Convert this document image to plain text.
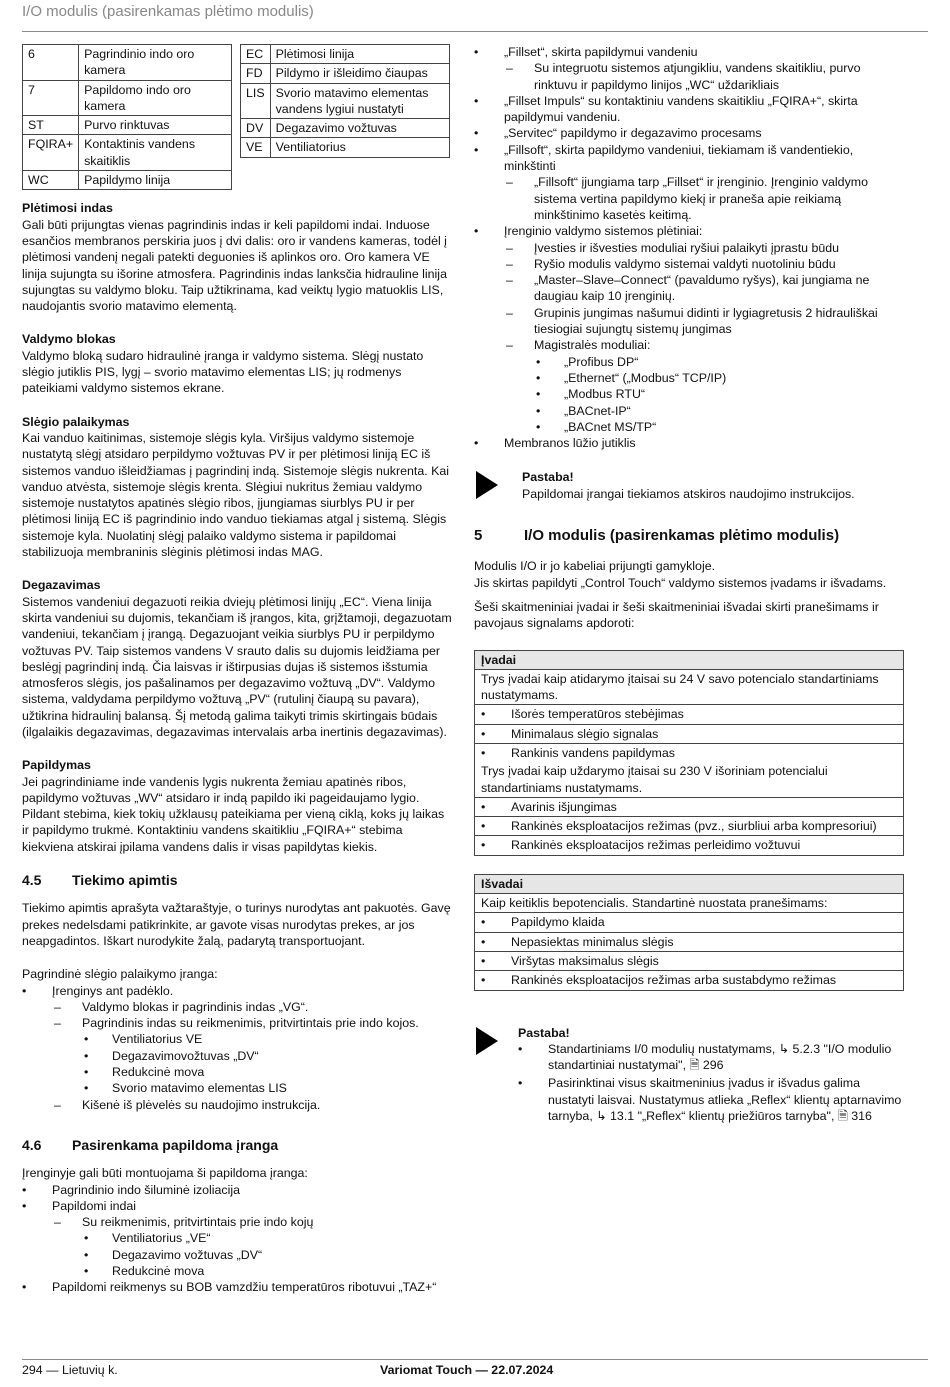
I/O modulis (pasirenkamas plėtimo modulis)
6	Pagrindinio indo oro kamera
7	Papildomo indo oro kamera
ST	Purvo rinktuvas
FQIRA+	Kontaktinis vandens skaitiklis
WC	Papildymo linija
EC	Plėtimosi linija
FD	Pildymo ir išleidimo čiaupas
LIS	Svorio matavimo elementas vandens lygiui nustatyti
DV	Degazavimo vožtuvas
VE	Ventiliatorius
Plėtimosi indas

Gali būti prijungtas vienas pagrindinis indas ir keli papildomi indai. Induose esančios membranos perskiria juos į dvi dalis: oro ir vandens kameras, todėl į plėtimosi vandenį negali patekti deguonies iš aplinkos oro. Oro kamera VE linija sujungta su išorine atmosfera. Pagrindinis indas lanksčia hidrauline linija sujungtas su valdymo bloku. Taip užtikrinama, kad veiktų lygio matuoklis LIS, naudojantis svorio matavimo elementą.

Valdymo blokas

Valdymo bloką sudaro hidraulinė įranga ir valdymo sistema. Slėgį nustato slėgio jutiklis PIS, lygį – svorio matavimo elementas LIS; jų rodmenys pateikiami valdymo sistemos ekrane.

Slėgio palaikymas

Kai vanduo kaitinimas, sistemoje slėgis kyla. Viršijus valdymo sistemoje nustatytą slėgį atsidaro perpildymo vožtuvas PV ir per plėtimosi liniją EC iš sistemos vanduo išleidžiamas į pagrindinį indą. Sistemoje slėgis nukrenta. Kai vanduo atvėsta, sistemoje slėgis krenta. Slėgiui nukritus žemiau valdymo sistemoje nustatytos apatinės slėgio ribos, įjungiamas siurblys PU ir per plėtimosi liniją EC iš pagrindinio indo vanduo tiekiamas atgal į sistemą. Slėgis sistemoje kyla. Nuolatinį slėgį palaiko valdymo sistema ir papildomai stabilizuoja membraninis slėginis plėtimosi indas MAG.

Degazavimas

Sistemos vandeniui degazuoti reikia dviejų plėtimosi linijų „EC“. Viena linija skirta vandeniui su dujomis, tekančiam iš įrangos, kita, grįžtamoji, degazuotam vandeniui, tekančiam į įrangą. Degazuojant veikia siurblys PU ir perpildymo vožtuvas PV. Taip sistemos vandens V srauto dalis su dujomis leidžiama per beslėgį pagrindinį indą. Čia laisvas ir ištirpusias dujas iš sistemos išstumia atmosferos slėgis, jos pašalinamos per degazavimo vožtuvą „DV“. Valdymo sistema, valdydama perpildymo vožtuvą „PV“ (rutulinį čiaupą su pavara), užtikrina hidraulinį balansą. Šį metodą galima taikyti trimis skirtingais būdais (ilgalaikis degazavimas, degazavimas intervalais arba inertinis degazavimas).

Papildymas

Jei pagrindiniame inde vandenis lygis nukrenta žemiau apatinės ribos, papildymo vožtuvas „WV“ atsidaro ir indą papildo iki pageidaujamo lygio. Pildant stebima, kiek tokių užklausų pateikiama per vieną ciklą, koks jų laikas ir papildymo trukmė. Kontaktiniu vandens skaitikliu „FQIRA+“ stebima kiekviena atskirai įpilama vandens dalis ir visas papildytas kiekis.

4.5 Tiekimo apimtis

Tiekimo apimtis aprašyta važtaraštyje, o turinys nurodytas ant pakuotės. Gavę prekes nedelsdami patikrinkite, ar gavote visas nurodytas prekes, ar jos neapgadintos. Iškart nurodykite žalą, padarytą transportuojant.

Pagrindinė slėgio palaikymo įranga:

• Įrenginys ant padėklo.
– Valdymo blokas ir pagrindinis indas „VG“.
– Pagrindinis indas su reikmenimis, pritvirtintais prie indo kojos.
• Ventiliatorius VE
• Degazavimovožtuvas „DV“
• Redukcinė mova
• Svorio matavimo elementas LIS
– Kišenė iš plėvelės su naudojimo instrukcija.
4.6 Pasirenkama papildoma įranga

Įrenginyje gali būti montuojama ši papildoma įranga:

• Pagrindinio indo šiluminė izoliacija
• Papildomi indai
– Su reikmenimis, pritvirtintais prie indo kojų
• Ventiliatorius „VE“
• Degazavimo vožtuvas „DV“
• Redukcinė mova
• Papildomi reikmenys su BOB vamzdžiu temperatūros ribotuvui „TAZ+“
• „Fillset“, skirta papildymui vandeniu
– Su integruotu sistemos atjungikliu, vandens skaitikliu, purvo rinktuvu ir papildymo linijos „WC“ uždarikliais
• „Fillset Impuls“ su kontaktiniu vandens skaitikliu „FQIRA+“, skirta papildymui vandeniu.
• „Servitec“ papildymo ir degazavimo procesams
• „Fillsoft“, skirta papildymo vandeniui, tiekiamam iš vandentiekio, minkštinti
– „Fillsoft“ įjungiama tarp „Fillset“ ir įrenginio. Įrenginio valdymo sistema vertina papildymo kiekį ir praneša apie reikiamą minkštinimo kasetės keitimą.
• Įrenginio valdymo sistemos plėtiniai:
– Įvesties ir išvesties moduliai ryšiui palaikyti įprastu būdu
– Ryšio modulis valdymo sistemai valdyti nuotoliniu būdu
– „Master–Slave–Connect“ (pavaldumo ryšys), kai jungiama ne daugiau kaip 10 įrenginių.
– Grupinis jungimas našumui didinti ir lygiagretusis 2 hidrauliškai tiesiogiai sujungtų sistemų jungimas
– Magistralės moduliai:
• „Profibus DP“
• „Ethernet“ („Modbus“ TCP/IP)
• „Modbus RTU“
• „BACnet-IP“
• „BACnet MS/TP“
• Membranos lūžio jutiklis
Pastaba!
Papildomai įrangai tiekiamos atskiros naudojimo instrukcijos.
5	I/O modulis (pasirenkamas plėtimo modulis)

Modulis I/O ir jo kabeliai prijungti gamykloje.

Jis skirtas papildyti „Control Touch“ valdymo sistemos įvadams ir išvadams.

Šeši skaitmeniniai įvadai ir šeši skaitmeniniai išvadai skirti pranešimams ir pavojaus signalams apdoroti:

Įvadai
Trys įvadai kaip atidarymo įtaisai su 24 V savo potencialo standartiniams nustatymams.
• Išorės temperatūros stebėjimas
• Minimalaus slėgio signalas
• Rankinis vandens papildymas
Trys įvadai kaip uždarymo įtaisai su 230 V išoriniam potencialui standartiniams nustatymams.
• Avarinis išjungimas
• Rankinės eksploatacijos režimas (pvz., siurbliui arba kompresoriui)
• Rankinės eksploatacijos režimas perleidimo vožtuvui
Išvadai
Kaip keitiklis bepotencialis. Standartinė nuostata pranešimams:
• Papildymo klaida
• Nepasiektas minimalus slėgis
• Viršytas maksimalus slėgis
• Rankinės eksploatacijos režimas arba sustabdymo režimas
Pastaba!
• Standartiniams I/0 modulių nustatymams, ↳ 5.2.3 "I/O modulio standartiniai nustatymai", 🗎 296
• Pasirinktinai visus skaitmeninius įvadus ir išvadus galima nustatyti laisvai. Nustatymus atlieka „Reflex“ klientų aptarnavimo tarnyba, ↳ 13.1 "„Reflex“ klientų priežiūros tarnyba", 🗎 316
294 — Lietuvių k.	Variomat Touch — 22.07.2024
